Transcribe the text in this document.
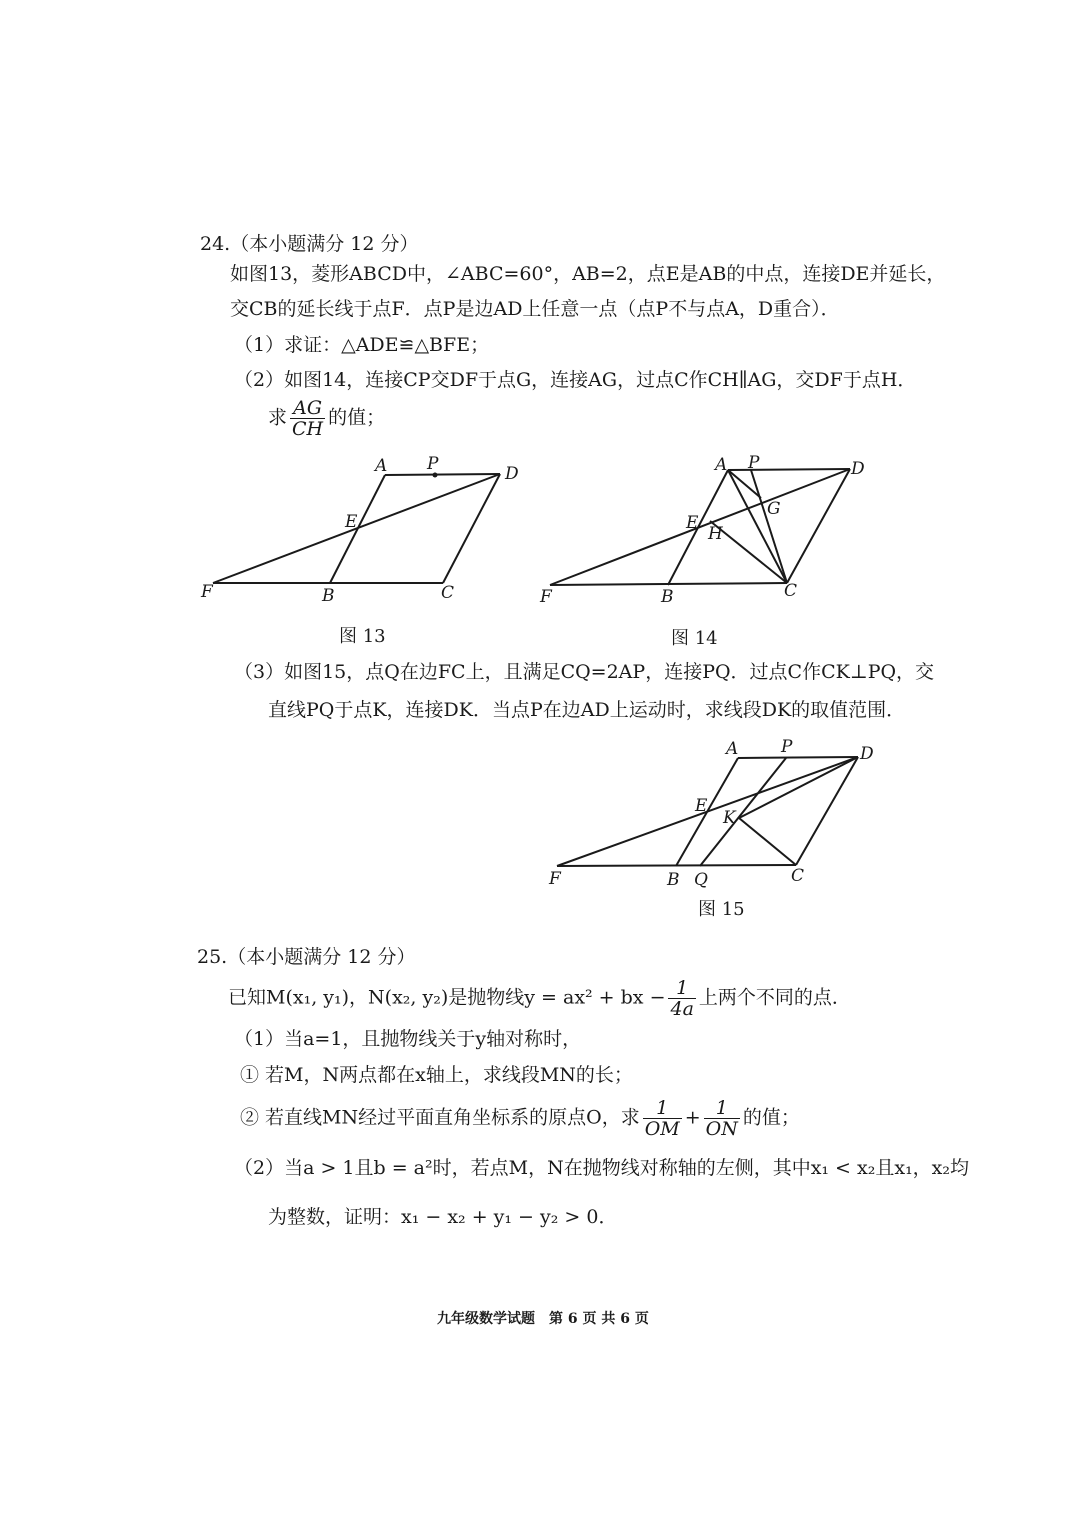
24.（本小题满分 12 分）
如图13，菱形ABCD中，∠ABC=60°，AB=2，点E是AB的中点，连接DE并延长，
交CB的延长线于点F．点P是边AD上任意一点（点P不与点A，D重合）．
（1）求证：△ADE≌△BFE；
（2）如图14，连接CP交DF于点G，连接AG，过点C作CH∥AG，交DF于点H．
求 $\frac{AG}{CH}$ 的值；
A P	D
E
F	B	C
图 13
A P	D
G
E
H
F	B	C
图 14
（3）如图15，点Q在边FC上，且满足CQ=2AP，连接PQ．过点C作CK⊥PQ，交
直线PQ于点K，连接DK．当点P在边AD上运动时，求线段DK的取值范围．
A	P	D
E
K
F	B Q	C
图 15
25.（本小题满分 12 分）
已知M(x₁, y₁)，N(x₂, y₂)是抛物线y = ax² + bx − $\frac{1}{4a}$ 上两个不同的点．
（1）当a=1，且抛物线关于y轴对称时，
① 若M，N两点都在x轴上，求线段MN的长；
② 若直线MN经过平面直角坐标系的原点O，求 $\frac{1}{OM} + \frac{1}{ON}$ 的值；
（2）当a > 1且b = a²时，若点M，N在抛物线对称轴的左侧，其中x₁ < x₂且x₁，x₂均
为整数，证明：x₁ − x₂ + y₁ − y₂ > 0．
九年级数学试题　第 6 页 共 6 页
